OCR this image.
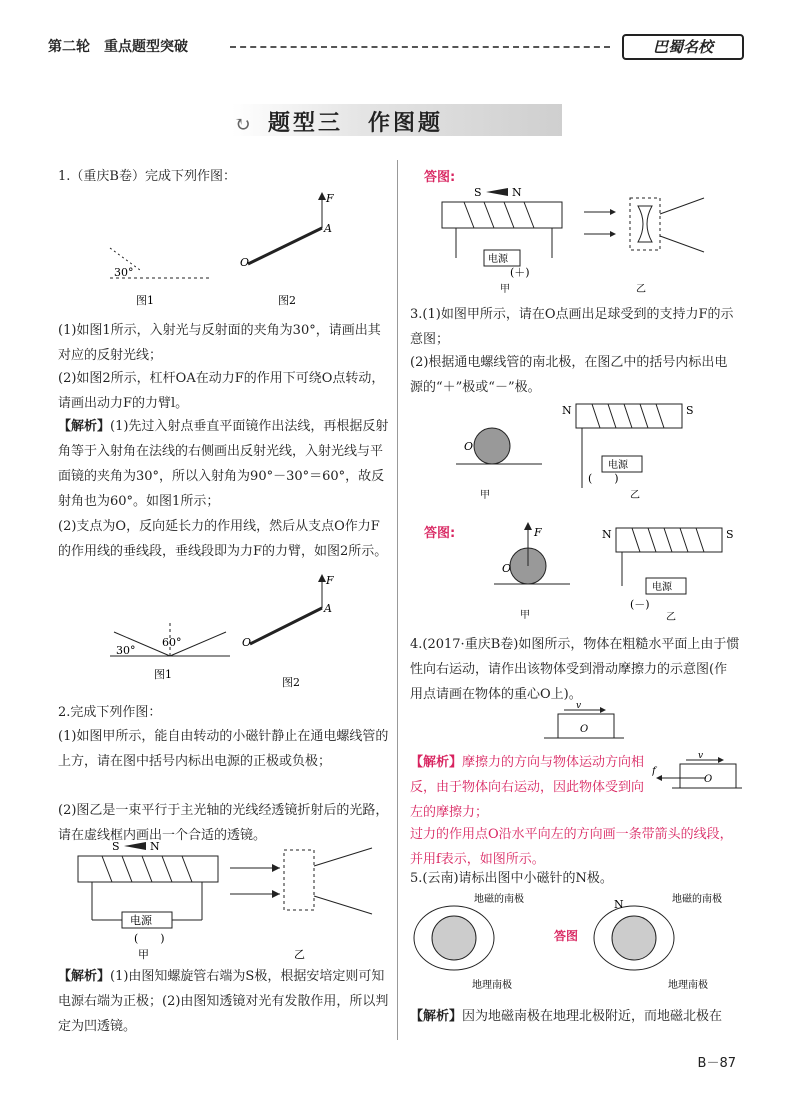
第二轮　重点题型突破	巴蜀名校
↻ 题型三　作图题

1.（重庆B卷）完成下列作图：

30°
F
A
O
图1	图2

(1)如图1所示，入射光与反射面的夹角为30°，请画出其对应的反射光线；

(2)如图2所示，杠杆OA在动力F的作用下可绕O点转动，请画出动力F的力臂l。

【解析】(1)先过入射点垂直平面镜作出法线，再根据反射角等于入射角在法线的右侧画出反射光线，入射光线与平面镜的夹角为30°，所以入射角为90°－30°＝60°，故反射角也为60°。如图1所示；

(2)支点为O，反向延长力的作用线，然后从支点O作力F的作用线的垂线段，垂线段即为力F的力臂，如图2所示。

30°
60°
F
A
O
图1
图2

2.完成下列作图：

(1)如图甲所示，能自由转动的小磁针静止在通电螺线管的上方，请在图中括号内标出电源的正极或负极；

(2)图乙是一束平行于主光轴的光线经透镜折射后的光路，请在虚线框内画出一个合适的透镜。

S	N
电源
(　　)
甲	乙

【解析】(1)由图知螺旋管右端为S极，根据安培定则可知电源右端为正极；(2)由图知透镜对光有发散作用，所以判定为凹透镜。

答图:
S	N
电源
(＋)
甲	乙

3.(1)如图甲所示，请在O点画出足球受到的支持力F的示意图；

(2)根据通电螺线管的南北极，在图乙中的括号内标出电源的“＋”极或“－”极。

O
甲
N	S
电源
(　　)
乙
答图:	F
O
甲
N	S
电源
(－)
乙

4.(2017·重庆B卷)如图所示，物体在粗糙水平面上由于惯性向右运动，请作出该物体受到滑动摩擦力的示意图(作用点请画在物体的重心O上)。

v
O

【解析】摩擦力的方向与物体运动方向相反，由于物体向右运动，因此物体受到向左的摩擦力；

v
O
f

过力的作用点O沿水平向左的方向画一条带箭头的线段，并用f表示，如图所示。

5.(云南)请标出图中小磁针的N极。

地磁的南极
地理南极
答图
N	地磁的南极
地理南极

【解析】因为地磁南极在地理北极附近，而地磁北极在

B－87
